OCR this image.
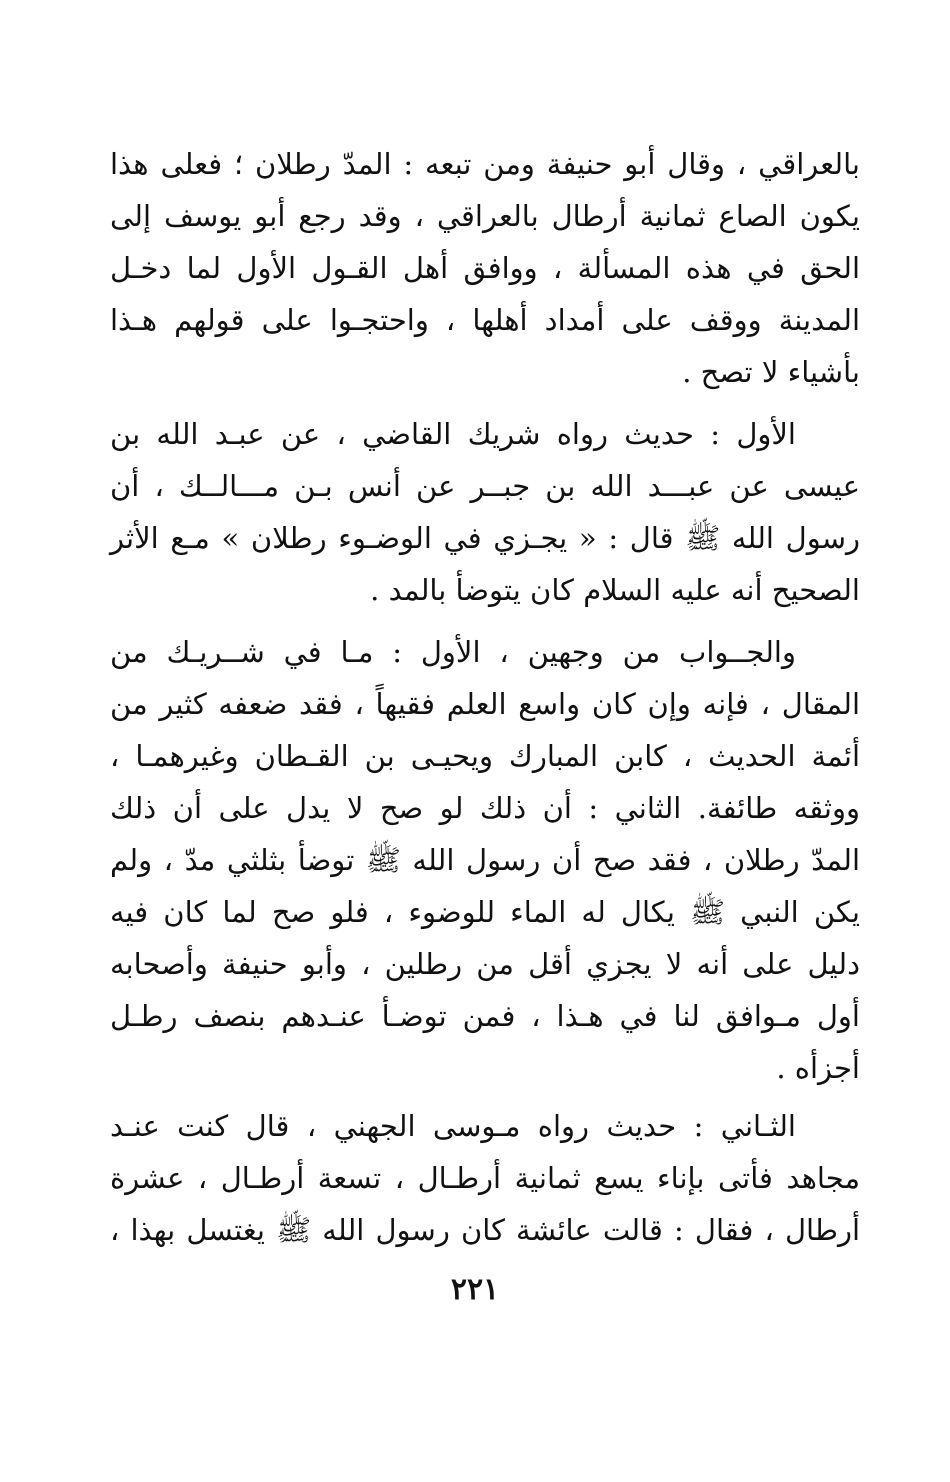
بالعراقي ، وقال أبو حنيفة ومن تبعه : المدّ رطلان ؛ فعلى هذا
يكون الصاع ثمانية أرطال بالعراقي ، وقد رجع أبو يوسف إلى
الحق في هذه المسألة ، ووافق أهل القـول الأول لما دخـل
المدينة ووقف على أمداد أهلها ، واحتجـوا على قولهم هـذا
بأشياء لا تصح .
الأول : حديث رواه شريك القاضي ، عن عبـد الله بن
عيسى عن عبـــد الله بن جبــر عن أنس بـن مـــالــك ، أن
رسول الله ﷺ قال : « يجـزي في الوضـوء رطلان » مـع الأثر
الصحيح أنه عليه السلام كان يتوضأ بالمد .
والجــواب من وجهين ، الأول : مـا في شــريـك من
المقال ، فإنه وإن كان واسع العلم فقيهاً ، فقد ضعفه كثير من
أئمة الحديث ، كابن المبارك ويحيـى بن القـطان وغيرهمـا ،
ووثقه طائفة. الثاني : أن ذلك لو صح لا يدل على أن ذلك
المدّ رطلان ، فقد صح أن رسول الله ﷺ توضأ بثلثي مدّ ، ولم
يكن النبي ﷺ يكال له الماء للوضوء ، فلو صح لما كان فيه
دليل على أنه لا يجزي أقل من رطلين ، وأبو حنيفة وأصحابه
أول مـوافق لنا في هـذا ، فمن توضـأ عنـدهم بنصف رطـل
أجزأه .
الثـاني : حديث رواه مـوسى الجهني ، قال كنت عنـد
مجاهد فأتى بإناء يسع ثمانية أرطـال ، تسعة أرطـال ، عشرة
أرطال ، فقال : قالت عائشة كان رسول الله ﷺ يغتسل بهذا ،
٢٢١
